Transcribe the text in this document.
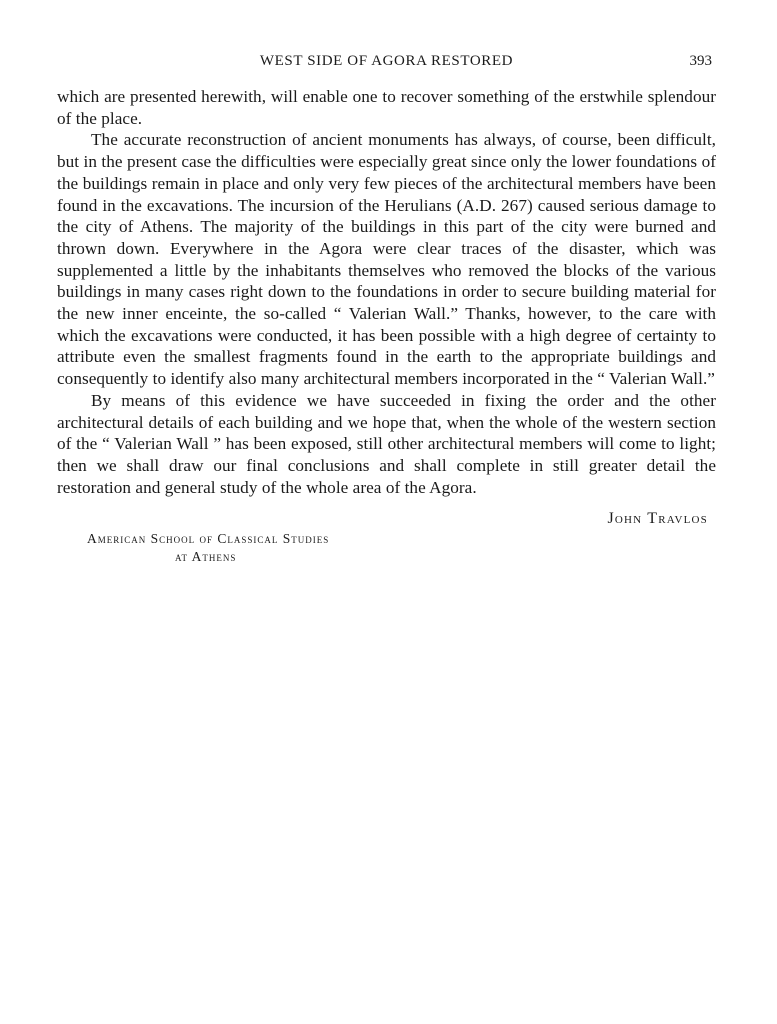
WEST SIDE OF AGORA RESTORED	393

which are presented herewith, will enable one to recover something of the erstwhile splendour of the place.

The accurate reconstruction of ancient monuments has always, of course, been difficult, but in the present case the difficulties were especially great since only the lower foundations of the buildings remain in place and only very few pieces of the architectural members have been found in the excavations. The incursion of the Herulians (A.D. 267) caused serious damage to the city of Athens. The majority of the buildings in this part of the city were burned and thrown down. Everywhere in the Agora were clear traces of the disaster, which was supplemented a little by the inhabitants themselves who removed the blocks of the various buildings in many cases right down to the foundations in order to secure building material for the new inner enceinte, the so-called “ Valerian Wall.” Thanks, however, to the care with which the excavations were conducted, it has been possible with a high degree of certainty to attribute even the smallest fragments found in the earth to the appropriate buildings and consequently to identify also many architectural members incorporated in the “ Valerian Wall.”

By means of this evidence we have succeeded in fixing the order and the other architectural details of each building and we hope that, when the whole of the western section of the “ Valerian Wall ” has been exposed, still other architectural members will come to light; then we shall draw our final conclusions and shall complete in still greater detail the restoration and general study of the whole area of the Agora.

John Travlos
American School of Classical Studies
at Athens
